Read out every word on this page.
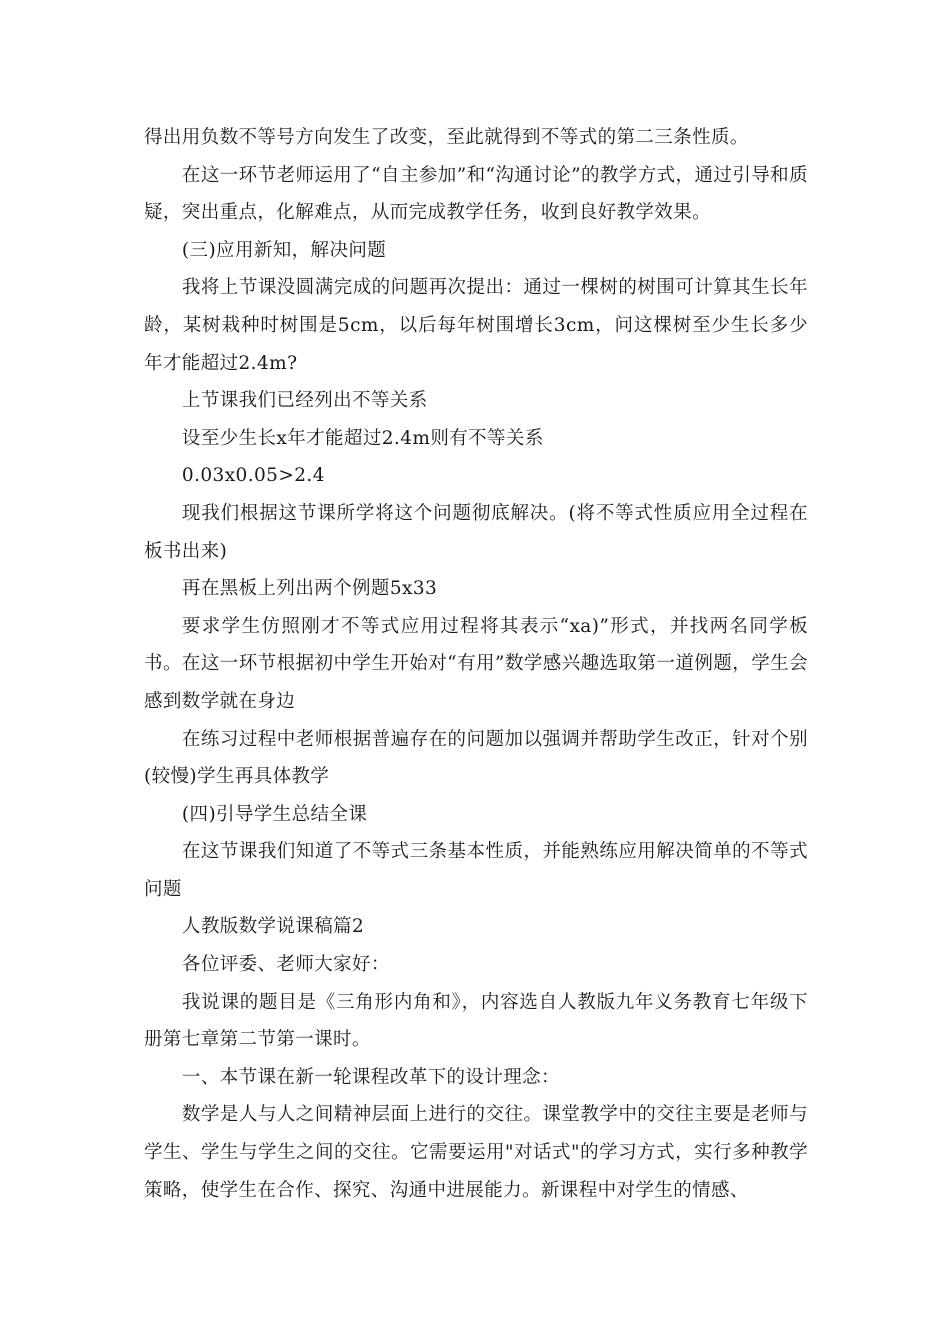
得出用负数不等号方向发生了改变，至此就得到不等式的第二三条性质。

在这一环节老师运用了“自主参加”和“沟通讨论”的教学方式，通过引导和质疑，突出重点，化解难点，从而完成教学任务，收到良好教学效果。

(三)应用新知，解决问题

我将上节课没圆满完成的问题再次提出：通过一棵树的树围可计算其生长年龄，某树栽种时树围是5cm，以后每年树围增长3cm，问这棵树至少生长多少年才能超过2.4m?

上节课我们已经列出不等关系

设至少生长x年才能超过2.4m则有不等关系

0.03x0.05>2.4

现我们根据这节课所学将这个问题彻底解决。(将不等式性质应用全过程在板书出来)

再在黑板上列出两个例题5x33

要求学生仿照刚才不等式应用过程将其表示“xa)”形式，并找两名同学板书。在这一环节根据初中学生开始对“有用”数学感兴趣选取第一道例题，学生会感到数学就在身边

在练习过程中老师根据普遍存在的问题加以强调并帮助学生改正，针对个别(较慢)学生再具体教学

(四)引导学生总结全课

在这节课我们知道了不等式三条基本性质，并能熟练应用解决简单的不等式问题

人教版数学说课稿篇2

各位评委、老师大家好：

我说课的题目是《三角形内角和》，内容选自人教版九年义务教育七年级下册第七章第二节第一课时。

一、本节课在新一轮课程改革下的设计理念：

数学是人与人之间精神层面上进行的交往。课堂教学中的交往主要是老师与学生、学生与学生之间的交往。它需要运用"对话式"的学习方式，实行多种教学策略，使学生在合作、探究、沟通中进展能力。新课程中对学生的情感、
